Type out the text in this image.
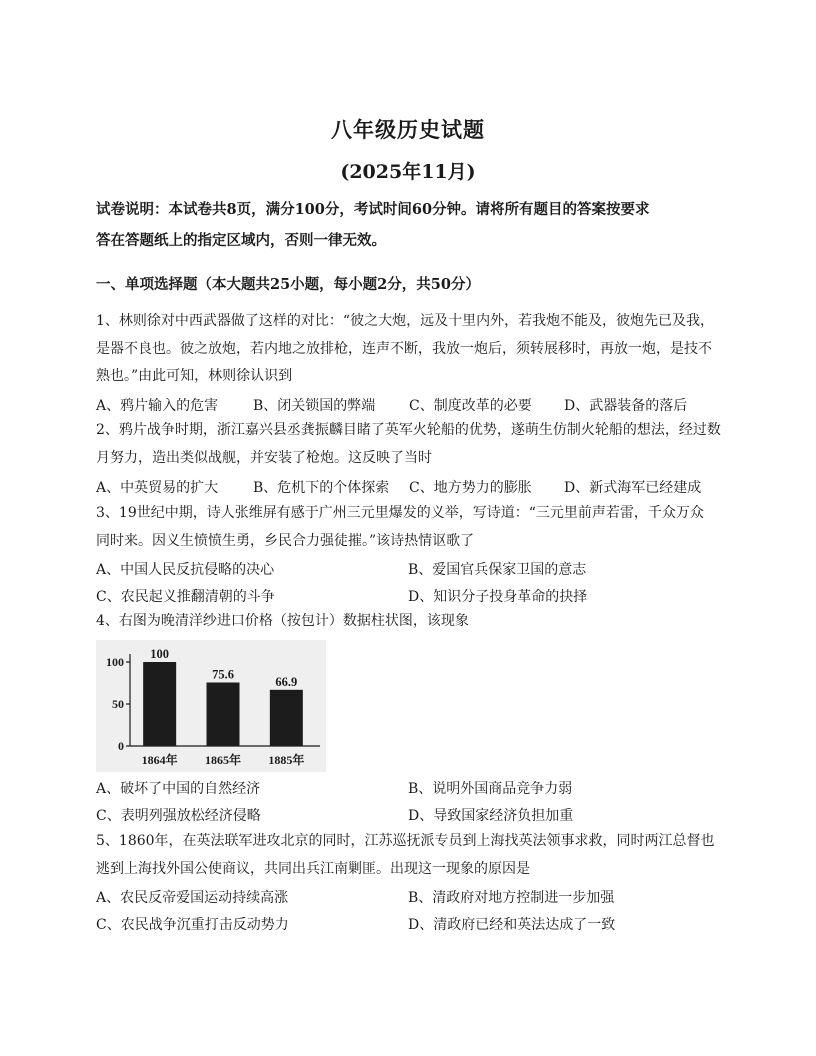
八年级历史试题
(2025年11月)
试卷说明：本试卷共8页，满分100分，考试时间60分钟。请将所有题目的答案按要求
答在答题纸上的指定区域内，否则一律无效。
一、单项选择题（本大题共25小题，每小题2分，共50分）
1、林则徐对中西武器做了这样的对比：“彼之大炮，远及十里内外，若我炮不能及，彼炮先已及我，
是器不良也。彼之放炮，若内地之放排枪，连声不断，我放一炮后，须转展移时，再放一炮，是技不
熟也。”由此可知，林则徐认识到
A、鸦片输入的危害	B、闭关锁国的弊端	C、制度改革的必要	D、武器装备的落后
2、鸦片战争时期，浙江嘉兴县丞龚振麟目睹了英军火轮船的优势，遂萌生仿制火轮船的想法，经过数
月努力，造出类似战舰，并安装了枪炮。这反映了当时
A、中英贸易的扩大	B、危机下的个体探索	C、地方势力的膨胀	D、新式海军已经建成
3、19世纪中期，诗人张维屏有感于广州三元里爆发的义举，写诗道：“三元里前声若雷，千众万众
同时来。因义生愤愤生勇，乡民合力强徒摧。”该诗热情讴歌了
A、中国人民反抗侵略的决心	B、爱国官兵保家卫国的意志
C、农民起义推翻清朝的斗争	D、知识分子投身革命的抉择
4、右图为晚清洋纱进口价格（按包计）数据柱状图，该现象
100
50
0
100
1864年
75.6
1865年
66.9
1885年
A、破坏了中国的自然经济	B、说明外国商品竞争力弱
C、表明列强放松经济侵略	D、导致国家经济负担加重
5、1860年，在英法联军进攻北京的同时，江苏巡抚派专员到上海找英法领事求救，同时两江总督也
逃到上海找外国公使商议，共同出兵江南剿匪。出现这一现象的原因是
A、农民反帝爱国运动持续高涨	B、清政府对地方控制进一步加强
C、农民战争沉重打击反动势力	D、清政府已经和英法达成了一致
